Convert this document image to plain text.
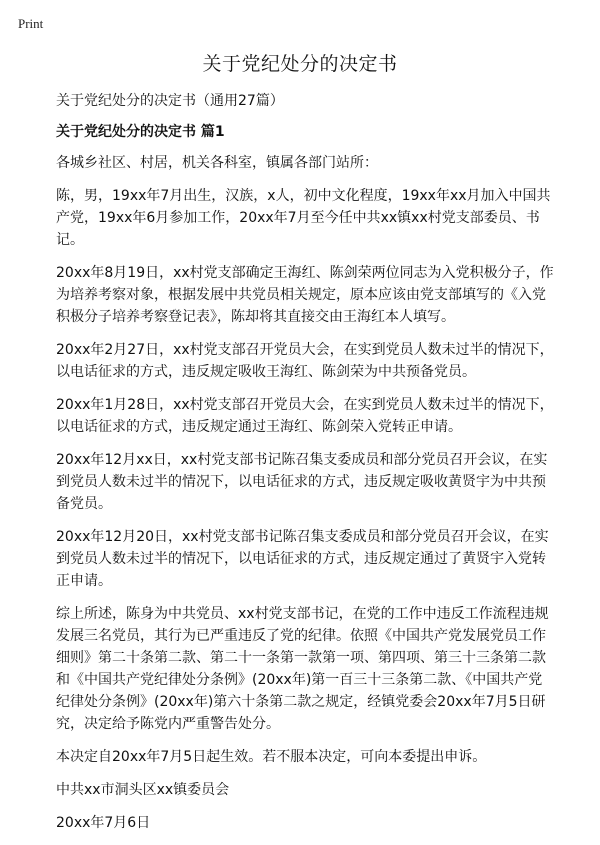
Print
关于党纪处分的决定书
关于党纪处分的决定书（通用27篇）
关于党纪处分的决定书 篇1
各城乡社区、村居，机关各科室，镇属各部门站所：
陈，男，19xx年7月出生，汉族，x人，初中文化程度，19xx年xx月加入中国共产党，19xx年6月参加工作，20xx年7月至今任中共xx镇xx村党支部委员、书记。
20xx年8月19日，xx村党支部确定王海红、陈剑荣两位同志为入党积极分子，作为培养考察对象，根据发展中共党员相关规定，原本应该由党支部填写的《入党积极分子培养考察登记表》，陈却将其直接交由王海红本人填写。
20xx年2月27日，xx村党支部召开党员大会，在实到党员人数未过半的情况下，以电话征求的方式，违反规定吸收王海红、陈剑荣为中共预备党员。
20xx年1月28日，xx村党支部召开党员大会，在实到党员人数未过半的情况下，以电话征求的方式，违反规定通过王海红、陈剑荣入党转正申请。
20xx年12月xx日，xx村党支部书记陈召集支委成员和部分党员召开会议，在实到党员人数未过半的情况下，以电话征求的方式，违反规定吸收黄贤宇为中共预备党员。
20xx年12月20日，xx村党支部书记陈召集支委成员和部分党员召开会议，在实到党员人数未过半的情况下，以电话征求的方式，违反规定通过了黄贤宇入党转正申请。
综上所述，陈身为中共党员、xx村党支部书记，在党的工作中违反工作流程违规发展三名党员，其行为已严重违反了党的纪律。依照《中国共产党发展党员工作细则》第二十条第二款、第二十一条第一款第一项、第四项、第三十三条第二款和《中国共产党纪律处分条例》(20xx年)第一百三十三条第二款、《中国共产党纪律处分条例》(20xx年)第六十条第二款之规定，经镇党委会20xx年7月5日研究，决定给予陈党内严重警告处分。
本决定自20xx年7月5日起生效。若不服本决定，可向本委提出申诉。
中共xx市洞头区xx镇委员会
20xx年7月6日
